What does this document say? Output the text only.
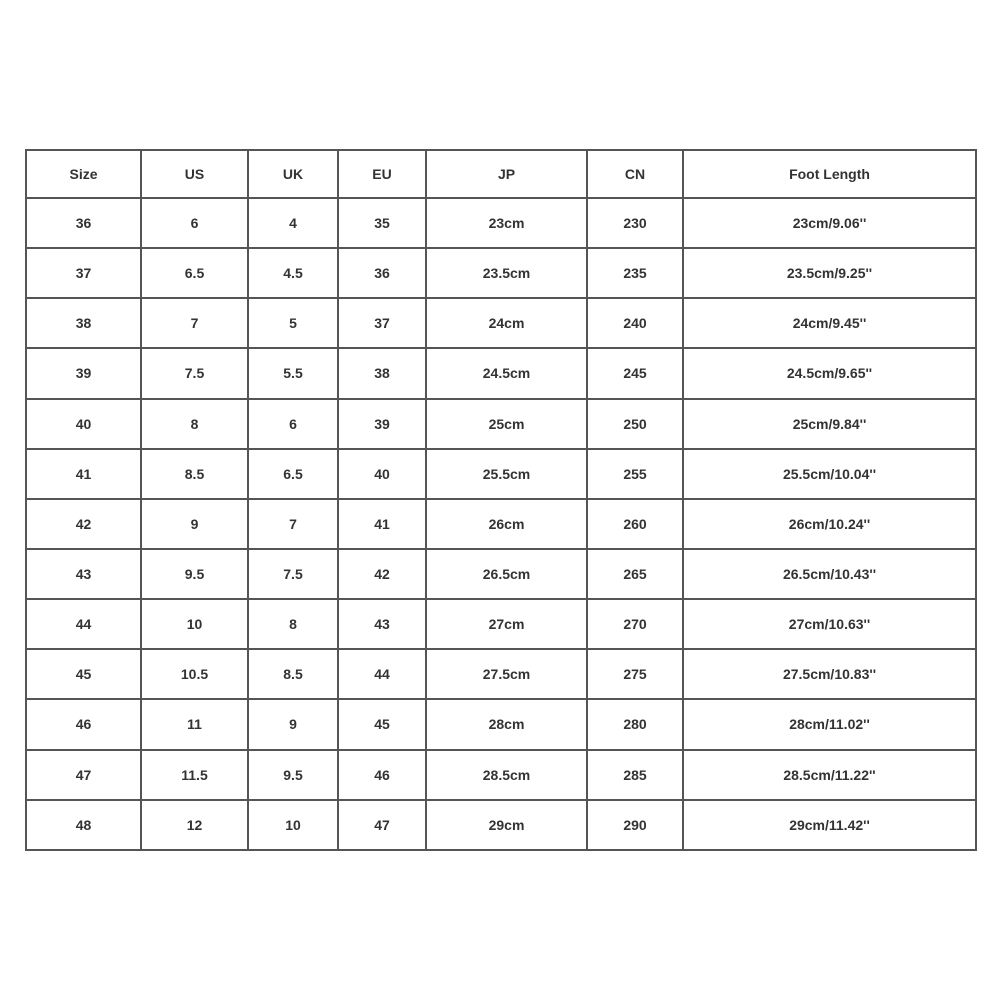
Size	US	UK	EU	JP	CN	Foot Length
36	6	4	35	23cm	230	23cm/9.06''
37	6.5	4.5	36	23.5cm	235	23.5cm/9.25''
38	7	5	37	24cm	240	24cm/9.45''
39	7.5	5.5	38	24.5cm	245	24.5cm/9.65''
40	8	6	39	25cm	250	25cm/9.84''
41	8.5	6.5	40	25.5cm	255	25.5cm/10.04''
42	9	7	41	26cm	260	26cm/10.24''
43	9.5	7.5	42	26.5cm	265	26.5cm/10.43''
44	10	8	43	27cm	270	27cm/10.63''
45	10.5	8.5	44	27.5cm	275	27.5cm/10.83''
46	11	9	45	28cm	280	28cm/11.02''
47	11.5	9.5	46	28.5cm	285	28.5cm/11.22''
48	12	10	47	29cm	290	29cm/11.42''
